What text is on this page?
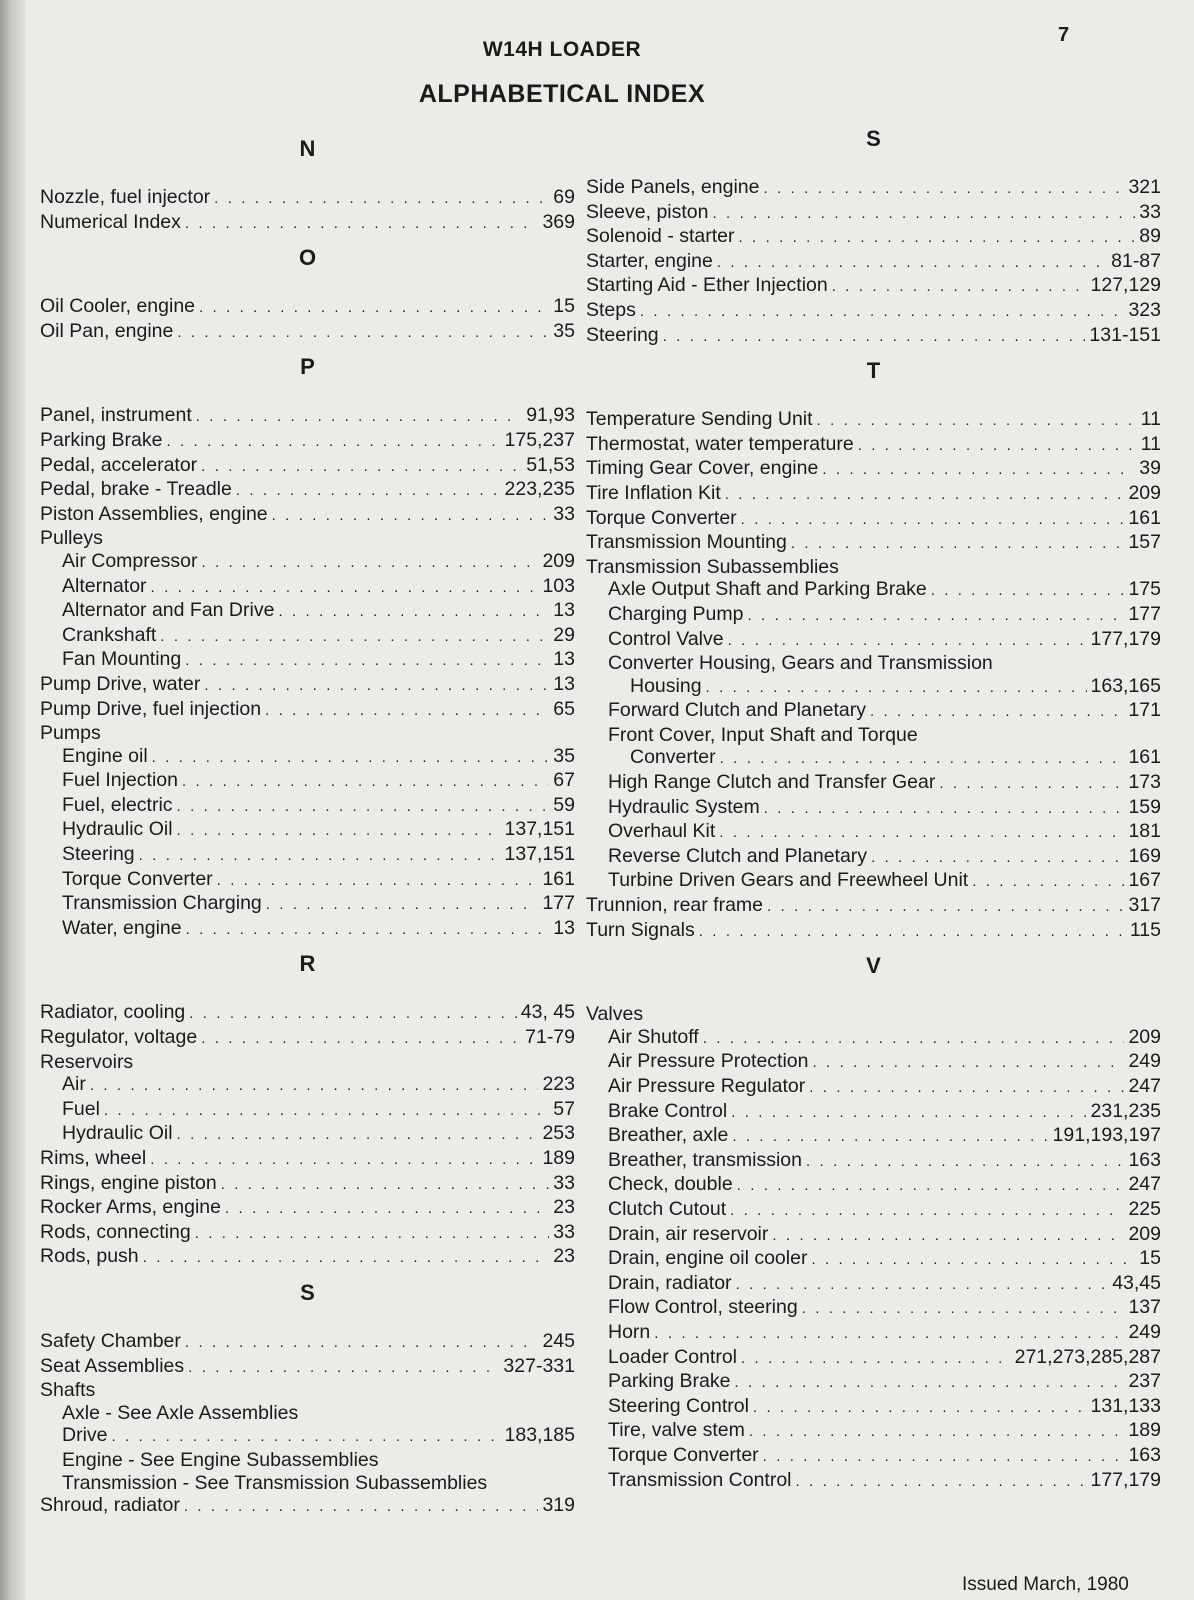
7
W14H LOADER
ALPHABETICAL INDEX
N
Nozzle, fuel injector . . .	69
Numerical Index . . .	369
O
Oil Cooler, engine . . .	15
Oil Pan, engine . . .	35
P
Panel, instrument . . .	91,93
Parking Brake . . .	175,237
Pedal, accelerator . . .	51,53
Pedal, brake - Treadle . . .	223,235
Piston Assemblies, engine . . .	33
Pulleys
Air Compressor . . .	209
Alternator . . .	103
Alternator and Fan Drive . . .	13
Crankshaft . . .	29
Fan Mounting . . .	13
Pump Drive, water . . .	13
Pump Drive, fuel injection . . .	65
Pumps
Engine oil . . .	35
Fuel Injection . . .	67
Fuel, electric . . .	59
Hydraulic Oil . . .	137,151
Steering . . .	137,151
Torque Converter . . .	161
Transmission Charging . . .	177
Water, engine . . .	13
R
Radiator, cooling . . .	43, 45
Regulator, voltage . . .	71-79
Reservoirs
Air . . .	223
Fuel . . .	57
Hydraulic Oil . . .	253
Rims, wheel . . .	189
Rings, engine piston . . .	33
Rocker Arms, engine . . .	23
Rods, connecting . . .	33
Rods, push . . .	23
S
Safety Chamber . . .	245
Seat Assemblies . . .	327-331
Shafts
Axle - See Axle Assemblies
Drive . . .	183,185
Engine - See Engine Subassemblies
Transmission - See Transmission Subassemblies
Shroud, radiator . . .	319
S
Side Panels, engine . . .	321
Sleeve, piston . . .	33
Solenoid - starter . . .	89
Starter, engine . . .	81-87
Starting Aid - Ether Injection . . .	127,129
Steps . . .	323
Steering . . .	131-151
T
Temperature Sending Unit . . .	11
Thermostat, water temperature . . .	11
Timing Gear Cover, engine . . .	39
Tire Inflation Kit . . .	209
Torque Converter . . .	161
Transmission Mounting . . .	157
Transmission Subassemblies
Axle Output Shaft and Parking Brake . . .	175
Charging Pump . . .	177
Control Valve . . .	177,179
Converter Housing, Gears and Transmission
Housing . . .	163,165
Forward Clutch and Planetary . . .	171
Front Cover, Input Shaft and Torque
Converter . . .	161
High Range Clutch and Transfer Gear . . .	173
Hydraulic System . . .	159
Overhaul Kit . . .	181
Reverse Clutch and Planetary . . .	169
Turbine Driven Gears and Freewheel Unit . . .	167
Trunnion, rear frame . . .	317
Turn Signals . . .	115
V
Valves
Air Shutoff . . .	209
Air Pressure Protection . . .	249
Air Pressure Regulator . . .	247
Brake Control . . .	231,235
Breather, axle . . .	191,193,197
Breather, transmission . . .	163
Check, double . . .	247
Clutch Cutout . . .	225
Drain, air reservoir . . .	209
Drain, engine oil cooler . . .	15
Drain, radiator . . .	43,45
Flow Control, steering . . .	137
Horn . . .	249
Loader Control . . .	271,273,285,287
Parking Brake . . .	237
Steering Control . . .	131,133
Tire, valve stem . . .	189
Torque Converter . . .	163
Transmission Control . . .	177,179
Issued March, 1980
